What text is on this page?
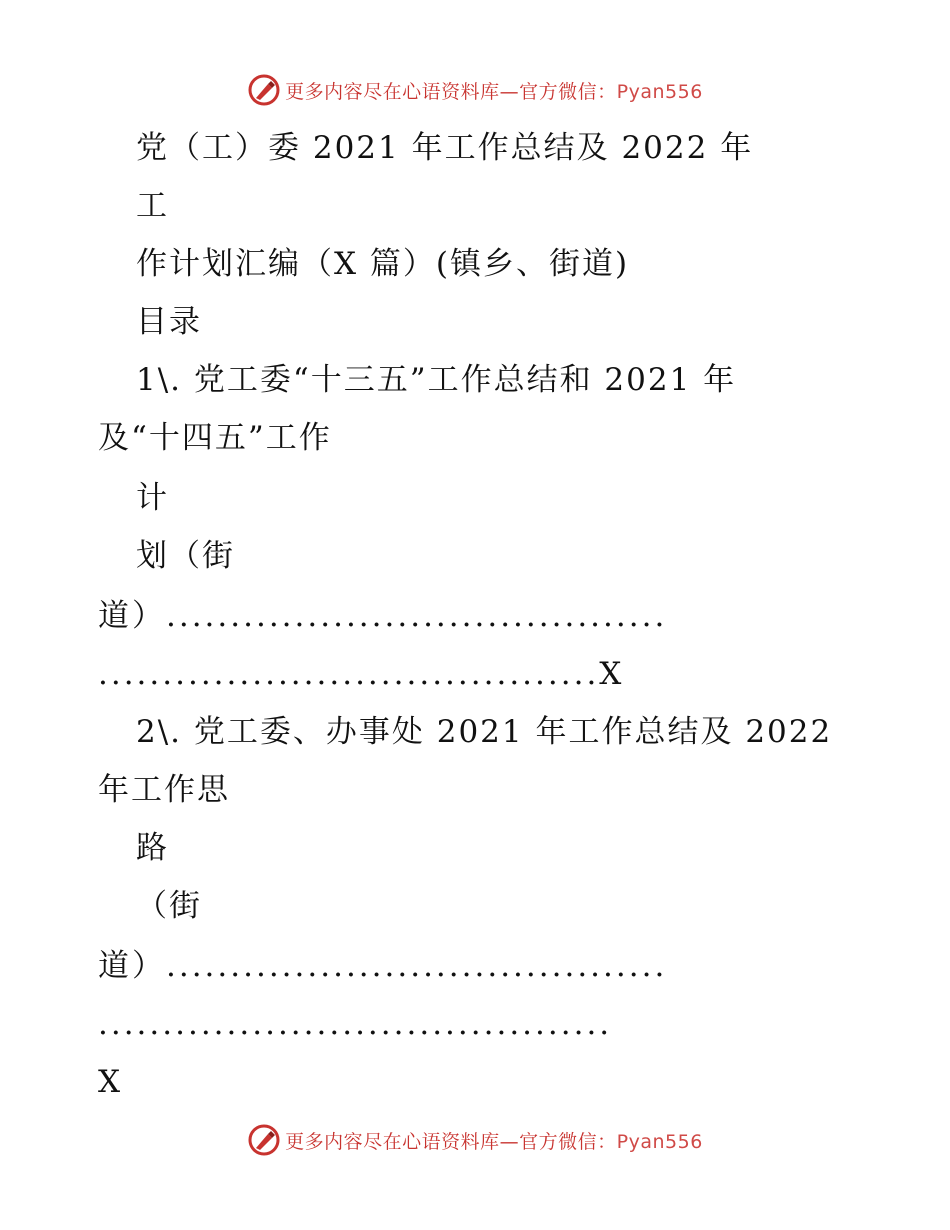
更多内容尽在心语资料库—官方微信：Pyan556
党（工）委 2021 年工作总结及 2022 年
工
作计划汇编（X 篇）(镇乡、街道)
目录
1\. 党工委“十三五”工作总结和 2021 年
及“十四五”工作
计
划（街
道）.......................................
.......................................X
2\. 党工委、办事处 2021 年工作总结及 2022
年工作思
路
（街
道）.......................................
........................................
X
更多内容尽在心语资料库—官方微信：Pyan556
